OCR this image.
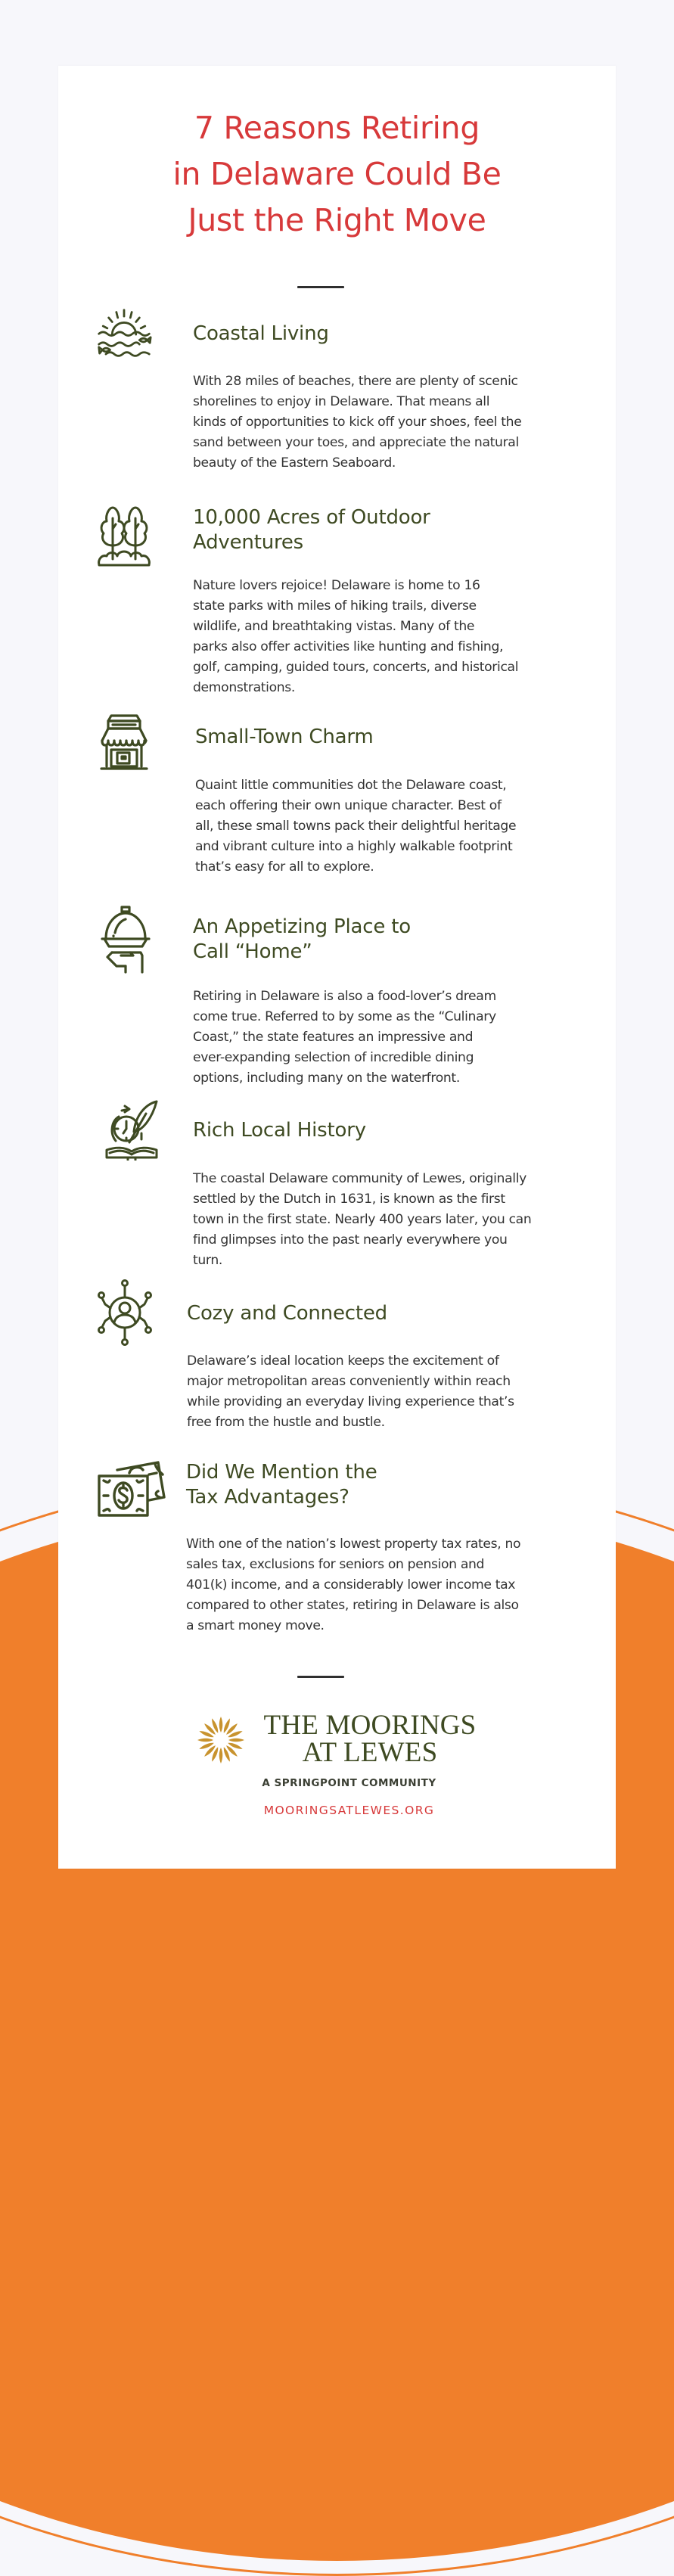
7 Reasons Retiring
in Delaware Could Be
Just the Right Move
Coastal Living
With 28 miles of beaches, there are plenty of scenic
shorelines to enjoy in Delaware. That means all
kinds of opportunities to kick off your shoes, feel the
sand between your toes, and appreciate the natural
beauty of the Eastern Seaboard.
10,000 Acres of Outdoor
Adventures
Nature lovers rejoice! Delaware is home to 16
state parks with miles of hiking trails, diverse
wildlife, and breathtaking vistas. Many of the
parks also offer activities like hunting and fishing,
golf, camping, guided tours, concerts, and historical
demonstrations.
Small-Town Charm
Quaint little communities dot the Delaware coast,
each offering their own unique character. Best of
all, these small towns pack their delightful heritage
and vibrant culture into a highly walkable footprint
that’s easy for all to explore.
An Appetizing Place to
Call “Home”
Retiring in Delaware is also a food-lover’s dream
come true. Referred to by some as the “Culinary
Coast,” the state features an impressive and
ever-expanding selection of incredible dining
options, including many on the waterfront.
Rich Local History
The coastal Delaware community of Lewes, originally
settled by the Dutch in 1631, is known as the first
town in the first state. Nearly 400 years later, you can
find glimpses into the past nearly everywhere you
turn.
Cozy and Connected
Delaware’s ideal location keeps the excitement of
major metropolitan areas conveniently within reach
while providing an everyday living experience that’s
free from the hustle and bustle.
Did We Mention the
Tax Advantages?
With one of the nation’s lowest property tax rates, no
sales tax, exclusions for seniors on pension and
401(k) income, and a considerably lower income tax
compared to other states, retiring in Delaware is also
a smart money move.
THE MOORINGS
AT LEWES
A SPRINGPOINT COMMUNITY
MOORINGSATLEWES.ORG
